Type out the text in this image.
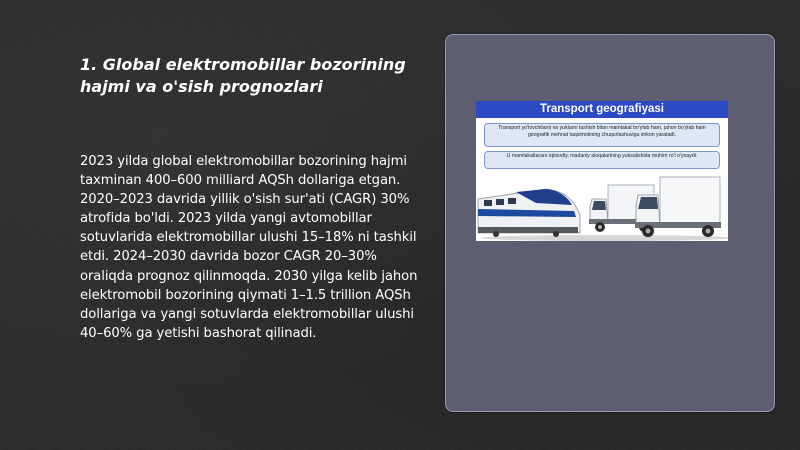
1. Global elektromobillar bozorining hajmi va o'sish prognozlari

2023 yilda global elektromobillar bozorining hajmi taxminan 400–600 milliard AQSh dollariga etgan. 2020–2023 davrida yillik o'sish sur'ati (CAGR) 30% atrofida bo'ldi. 2023 yilda yangi avtomobillar sotuvlarida elektromobillar ulushi 15–18% ni tashkil etdi. 2024–2030 davrida bozor CAGR 20–30% oraliqda prognoz qilinmoqda. 2030 yilga kelib jahon elektromobil bozorining qiymati 1–1.5 trillion AQSh dollariga va yangi sotuvlarda elektromobillar ulushi 40–60% ga yetishi bashorat qilinadi.

Transport geografiyasi
Transport yo'lovchilarni va yuklarni tashish bilan mamlakat bo'ylab ham, jahon bo'ylab ham geografik mehnat taqsimotining chuqurlashuviga imkon yaratadi.
U mamlakatlararo iqtisodiy, madaniy aloqalarining yuksalishida muhim ro'l o'ynaydi.
